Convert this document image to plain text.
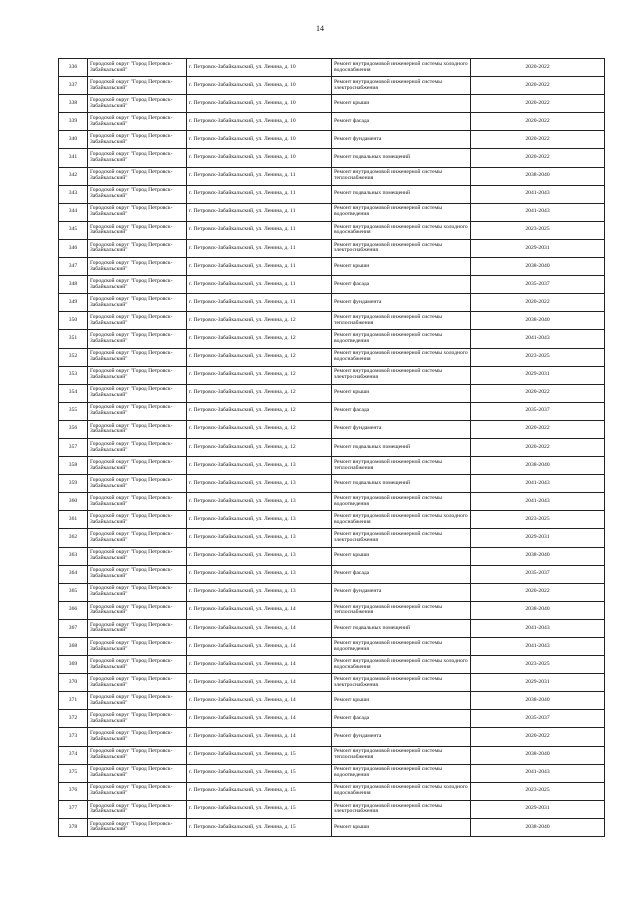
14
336	Городской округ "Город Петровск-Забайкальский"	г. Петровск-Забайкальский, ул. Ленина, д. 10	Ремонт внутридомовой инженерной системы холодного водоснабжения	2020-2022
337	Городской округ "Город Петровск-Забайкальский"	г. Петровск-Забайкальский, ул. Ленина, д. 10	Ремонт внутридомовой инженерной системы электроснабжения	2020-2022
338	Городской округ "Город Петровск-Забайкальский"	г. Петровск-Забайкальский, ул. Ленина, д. 10	Ремонт крыши	2020-2022
339	Городской округ "Город Петровск-Забайкальский"	г. Петровск-Забайкальский, ул. Ленина, д. 10	Ремонт фасада	2020-2022
340	Городской округ "Город Петровск-Забайкальский"	г. Петровск-Забайкальский, ул. Ленина, д. 10	Ремонт фундамента	2020-2022
341	Городской округ "Город Петровск-Забайкальский"	г. Петровск-Забайкальский, ул. Ленина, д. 10	Ремонт подвальных помещений	2020-2022
342	Городской округ "Город Петровск-Забайкальский"	г. Петровск-Забайкальский, ул. Ленина, д. 11	Ремонт внутридомовой инженерной системы теплоснабжения	2038-2040
343	Городской округ "Город Петровск-Забайкальский"	г. Петровск-Забайкальский, ул. Ленина, д. 11	Ремонт подвальных помещений	2041-2043
344	Городской округ "Город Петровск-Забайкальский"	г. Петровск-Забайкальский, ул. Ленина, д. 11	Ремонт внутридомовой инженерной системы водоотведения	2041-2043
345	Городской округ "Город Петровск-Забайкальский"	г. Петровск-Забайкальский, ул. Ленина, д. 11	Ремонт внутридомовой инженерной системы холодного водоснабжения	2023-2025
346	Городской округ "Город Петровск-Забайкальский"	г. Петровск-Забайкальский, ул. Ленина, д. 11	Ремонт внутридомовой инженерной системы электроснабжения	2029-2031
347	Городской округ "Город Петровск-Забайкальский"	г. Петровск-Забайкальский, ул. Ленина, д. 11	Ремонт крыши	2038-2040
348	Городской округ "Город Петровск-Забайкальский"	г. Петровск-Забайкальский, ул. Ленина, д. 11	Ремонт фасада	2035-2037
349	Городской округ "Город Петровск-Забайкальский"	г. Петровск-Забайкальский, ул. Ленина, д. 11	Ремонт фундамента	2020-2022
350	Городской округ "Город Петровск-Забайкальский"	г. Петровск-Забайкальский, ул. Ленина, д. 12	Ремонт внутридомовой инженерной системы теплоснабжения	2038-2040
351	Городской округ "Город Петровск-Забайкальский"	г. Петровск-Забайкальский, ул. Ленина, д. 12	Ремонт внутридомовой инженерной системы водоотведения	2041-2043
352	Городской округ "Город Петровск-Забайкальский"	г. Петровск-Забайкальский, ул. Ленина, д. 12	Ремонт внутридомовой инженерной системы холодного водоснабжения	2023-2025
353	Городской округ "Город Петровск-Забайкальский"	г. Петровск-Забайкальский, ул. Ленина, д. 12	Ремонт внутридомовой инженерной системы электроснабжения	2029-2031
354	Городской округ "Город Петровск-Забайкальский"	г. Петровск-Забайкальский, ул. Ленина, д. 12	Ремонт крыши	2020-2022
355	Городской округ "Город Петровск-Забайкальский"	г. Петровск-Забайкальский, ул. Ленина, д. 12	Ремонт фасада	2035-2037
356	Городской округ "Город Петровск-Забайкальский"	г. Петровск-Забайкальский, ул. Ленина, д. 12	Ремонт фундамента	2020-2022
357	Городской округ "Город Петровск-Забайкальский"	г. Петровск-Забайкальский, ул. Ленина, д. 12	Ремонт подвальных помещений	2020-2022
358	Городской округ "Город Петровск-Забайкальский"	г. Петровск-Забайкальский, ул. Ленина, д. 13	Ремонт внутридомовой инженерной системы теплоснабжения	2038-2040
359	Городской округ "Город Петровск-Забайкальский"	г. Петровск-Забайкальский, ул. Ленина, д. 13	Ремонт подвальных помещений	2041-2043
360	Городской округ "Город Петровск-Забайкальский"	г. Петровск-Забайкальский, ул. Ленина, д. 13	Ремонт внутридомовой инженерной системы водоотведения	2041-2043
361	Городской округ "Город Петровск-Забайкальский"	г. Петровск-Забайкальский, ул. Ленина, д. 13	Ремонт внутридомовой инженерной системы холодного водоснабжения	2023-2025
362	Городской округ "Город Петровск-Забайкальский"	г. Петровск-Забайкальский, ул. Ленина, д. 13	Ремонт внутридомовой инженерной системы электроснабжения	2029-2031
363	Городской округ "Город Петровск-Забайкальский"	г. Петровск-Забайкальский, ул. Ленина, д. 13	Ремонт крыши	2038-2040
364	Городской округ "Город Петровск-Забайкальский"	г. Петровск-Забайкальский, ул. Ленина, д. 13	Ремонт фасада	2035-2037
365	Городской округ "Город Петровск-Забайкальский"	г. Петровск-Забайкальский, ул. Ленина, д. 13	Ремонт фундамента	2020-2022
366	Городской округ "Город Петровск-Забайкальский"	г. Петровск-Забайкальский, ул. Ленина, д. 14	Ремонт внутридомовой инженерной системы теплоснабжения	2038-2040
367	Городской округ "Город Петровск-Забайкальский"	г. Петровск-Забайкальский, ул. Ленина, д. 14	Ремонт подвальных помещений	2041-2043
368	Городской округ "Город Петровск-Забайкальский"	г. Петровск-Забайкальский, ул. Ленина, д. 14	Ремонт внутридомовой инженерной системы водоотведения	2041-2043
369	Городской округ "Город Петровск-Забайкальский"	г. Петровск-Забайкальский, ул. Ленина, д. 14	Ремонт внутридомовой инженерной системы холодного водоснабжения	2023-2025
370	Городской округ "Город Петровск-Забайкальский"	г. Петровск-Забайкальский, ул. Ленина, д. 14	Ремонт внутридомовой инженерной системы электроснабжения	2029-2031
371	Городской округ "Город Петровск-Забайкальский"	г. Петровск-Забайкальский, ул. Ленина, д. 14	Ремонт крыши	2038-2040
372	Городской округ "Город Петровск-Забайкальский"	г. Петровск-Забайкальский, ул. Ленина, д. 14	Ремонт фасада	2035-2037
373	Городской округ "Город Петровск-Забайкальский"	г. Петровск-Забайкальский, ул. Ленина, д. 14	Ремонт фундамента	2020-2022
374	Городской округ "Город Петровск-Забайкальский"	г. Петровск-Забайкальский, ул. Ленина, д. 15	Ремонт внутридомовой инженерной системы теплоснабжения	2038-2040
375	Городской округ "Город Петровск-Забайкальский"	г. Петровск-Забайкальский, ул. Ленина, д. 15	Ремонт внутридомовой инженерной системы водоотведения	2041-2043
376	Городской округ "Город Петровск-Забайкальский"	г. Петровск-Забайкальский, ул. Ленина, д. 15	Ремонт внутридомовой инженерной системы холодного водоснабжения	2023-2025
377	Городской округ "Город Петровск-Забайкальский"	г. Петровск-Забайкальский, ул. Ленина, д. 15	Ремонт внутридомовой инженерной системы электроснабжения	2029-2031
378	Городской округ "Город Петровск-Забайкальский"	г. Петровск-Забайкальский, ул. Ленина, д. 15	Ремонт крыши	2038-2040
